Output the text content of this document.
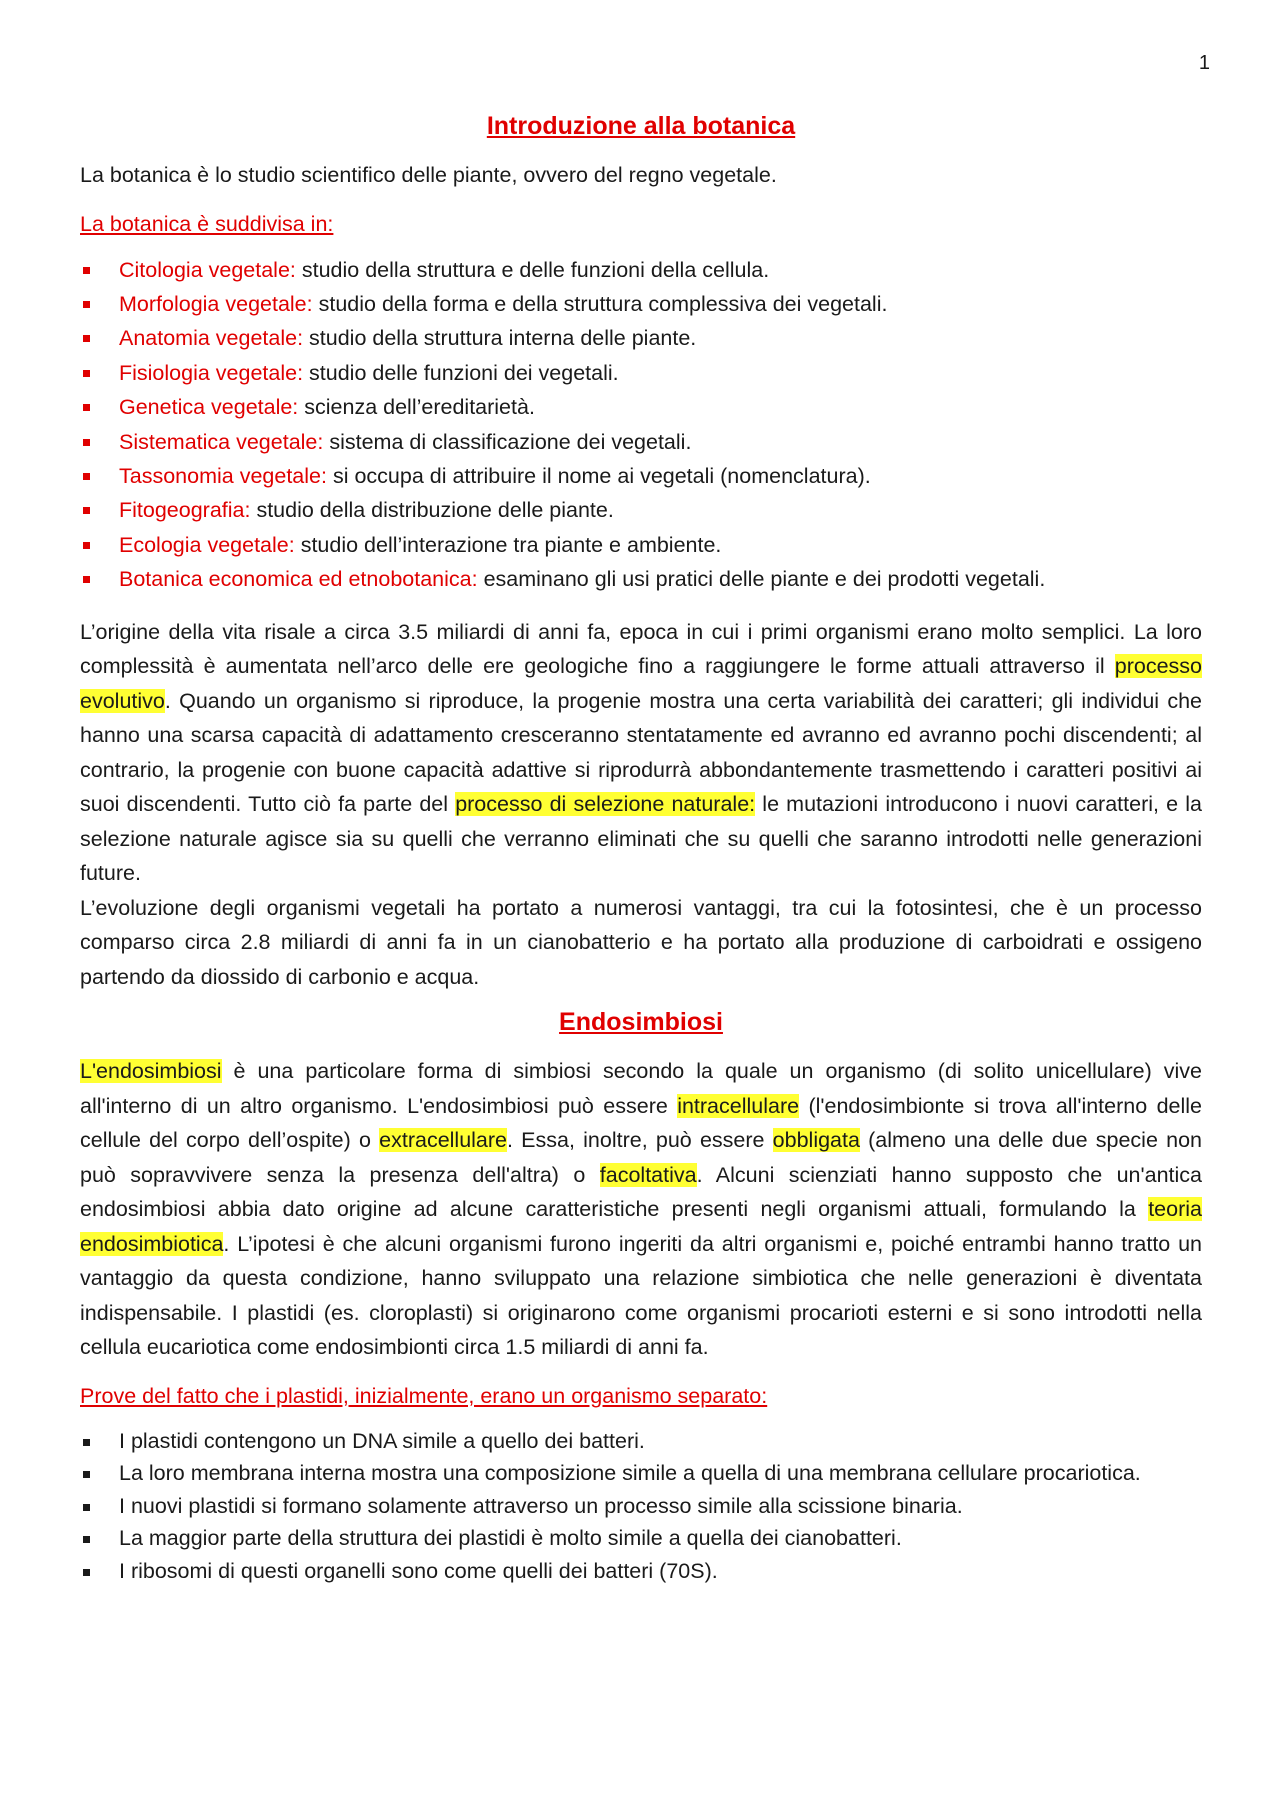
1
Introduzione alla botanica

La botanica è lo studio scientifico delle piante, ovvero del regno vegetale.

La botanica è suddivisa in:

Citologia vegetale: studio della struttura e delle funzioni della cellula.
Morfologia vegetale: studio della forma e della struttura complessiva dei vegetali.
Anatomia vegetale: studio della struttura interna delle piante.
Fisiologia vegetale: studio delle funzioni dei vegetali.
Genetica vegetale: scienza dell’ereditarietà.
Sistematica vegetale: sistema di classificazione dei vegetali.
Tassonomia vegetale: si occupa di attribuire il nome ai vegetali (nomenclatura).
Fitogeografia: studio della distribuzione delle piante.
Ecologia vegetale: studio dell’interazione tra piante e ambiente.
Botanica economica ed etnobotanica: esaminano gli usi pratici delle piante e dei prodotti vegetali.

L’origine della vita risale a circa 3.5 miliardi di anni fa, epoca in cui i primi organismi erano molto semplici. La loro complessità è aumentata nell’arco delle ere geologiche fino a raggiungere le forme attuali attraverso il processo evolutivo. Quando un organismo si riproduce, la progenie mostra una certa variabilità dei caratteri; gli individui che hanno una scarsa capacità di adattamento cresceranno stentatamente ed avranno ed avranno pochi discendenti; al contrario, la progenie con buone capacità adattive si riprodurrà abbondantemente trasmettendo i caratteri positivi ai suoi discendenti. Tutto ciò fa parte del processo di selezione naturale: le mutazioni introducono i nuovi caratteri, e la selezione naturale agisce sia su quelli che verranno eliminati che su quelli che saranno introdotti nelle generazioni future.

L’evoluzione degli organismi vegetali ha portato a numerosi vantaggi, tra cui la fotosintesi, che è un processo comparso circa 2.8 miliardi di anni fa in un cianobatterio e ha portato alla produzione di carboidrati e ossigeno partendo da diossido di carbonio e acqua.

Endosimbiosi

L'endosimbiosi è una particolare forma di simbiosi secondo la quale un organismo (di solito unicellulare) vive all'interno di un altro organismo. L'endosimbiosi può essere intracellulare (l'endosimbionte si trova all'interno delle cellule del corpo dell’ospite) o extracellulare. Essa, inoltre, può essere obbligata (almeno una delle due specie non può sopravvivere senza la presenza dell'altra) o facoltativa. Alcuni scienziati hanno supposto che un'antica endosimbiosi abbia dato origine ad alcune caratteristiche presenti negli organismi attuali, formulando la teoria endosimbiotica. L’ipotesi è che alcuni organismi furono ingeriti da altri organismi e, poiché entrambi hanno tratto un vantaggio da questa condizione, hanno sviluppato una relazione simbiotica che nelle generazioni è diventata indispensabile. I plastidi (es. cloroplasti) si originarono come organismi procarioti esterni e si sono introdotti nella cellula eucariotica come endosimbionti circa 1.5 miliardi di anni fa.

Prove del fatto che i plastidi, inizialmente, erano un organismo separato:

I plastidi contengono un DNA simile a quello dei batteri.
La loro membrana interna mostra una composizione simile a quella di una membrana cellulare procariotica.
I nuovi plastidi si formano solamente attraverso un processo simile alla scissione binaria.
La maggior parte della struttura dei plastidi è molto simile a quella dei cianobatteri.
I ribosomi di questi organelli sono come quelli dei batteri (70S).
